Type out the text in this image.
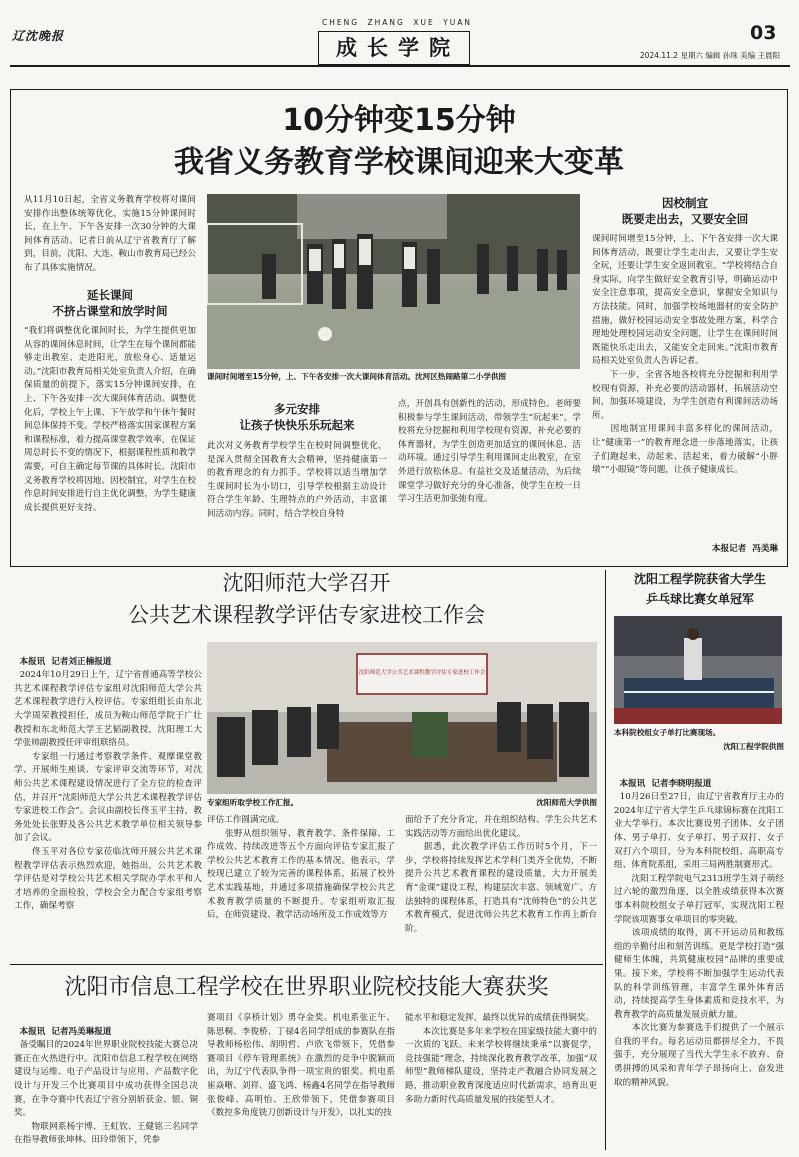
辽沈晚报
CHENG ZHANG XUE YUAN
成长学院
03
2024.11.2 星期六 编辑 孙珠 美编 王晨阳
10分钟变15分钟
我省义务教育学校课间迎来大变革
从11月10日起，全省义务教育学校将对课间安排作出整体统筹优化，实施15分钟课间时长，在上午、下午各安排一次30分钟的大课间体育活动。记者日前从辽宁省教育厅了解到，目前，沈阳、大连、鞍山市教育局已经公布了具体实施情况。
延长课间
不挤占课堂和放学时间
“我们将调整优化课间时长，为学生提供更加从容的课间休息时间，让学生在每个课间都能够走出教室、走进阳光，放松身心、适量运动。”沈阳市教育局相关处室负责人介绍，在确保质量的前提下，落实15分钟课间安排，在上、下午各安排一次大课间体育活动。调整优化后，学校上午上课、下午放学和午休午餐时间总体保持不变。学校严格落实国家课程方案和课程标准，着力提高课堂教学效率，在保证周总时长不变的情况下，根据课程性质和教学需要，可自主确定每节课的具体时长。沈阳市义务教育学校将因地、因校制宜，对学生在校作息时间安排进行自主优化调整，为学生健康成长提供更好支持。
课间时间增至15分钟，上、下午各安排一次大课间体育活动。沈河区热闹路第二小学供图
多元安排
让孩子快快乐乐玩起来
此次对义务教育学校学生在校时间调整优化，是深入贯彻全国教育大会精神，坚持健康第一的教育理念的有力抓手。学校将以适当增加学生课间时长为小切口，引导学校根据主动设计符合学生年龄、生理特点的户外活动，丰富课间活动内容。同时，结合学校自身特
点，开创具有创新性的活动，形成特色。老师要积极参与学生课间活动，带领学生“玩起来”。学校将充分挖掘和利用学校现有资源，补充必要的体育器材，为学生创造更加适宜的课间休息、活动环境。通过引导学生利用课间走出教室，在室外进行放松休息、有益社交及适量活动，为后续课堂学习做好充分的身心准备，使学生在校一日学习生活更加张弛有度。
因校制宜
既要走出去，又要安全回
课间时间增至15分钟，上、下午各安排一次大课间体育活动，既要让学生走出去，又要让学生安全玩，还要让学生安全返回教室。“学校将结合自身实际，向学生做好安全教育引导，明确运动中安全注意事项，提高安全意识，掌握安全知识与方法技能。同时，加强学校场地器材的安全防护措施，做好校园运动安全事故处理方案，科学合理地处理校园运动安全问题，让学生在课间时间既能快乐走出去，又能安全走回来。”沈阳市教育局相关处室负责人告诉记者。
　　下一步，全省各地各校将充分挖掘和利用学校现有资源，补充必要的活动器材，拓展活动空间，加强环境建设，为学生创造有利课间活动场所。
　　因地制宜用课间丰富多样化的课间活动，让“健康第一”的教育理念进一步落地落实，让孩子们跑起来、动起来、活起来，着力破解“小胖墩”“小眼镜”等问题，让孩子健康成长。
本报记者  冯美琳
沈阳师范大学召开
公共艺术课程教学评估专家进校工作会

本报讯  记者刘正楠报道
2024年10月29日上午，辽宁省普通高等学校公共艺术课程教学评估专家组对沈阳师范大学公共艺术课程教学进行入校评估。专家组组长由东北大学周荣教授担任，成员为鞍山师范学院于广壮教授和东北师范大学王艺韬副教授，沈阳理工大学张帅副教授任评审组联络员。
　　专家组一行通过考察教学条件、观摩课堂教学、开展师生座谈、专家评审交流等环节，对沈师公共艺术课程建设情况进行了全方位的检查评估，并召开“沈阳师范大学公共艺术课程教学评估专家进校工作会”。会议由副校长佟玉平主持，教务处处长张野及各公共艺术教学单位相关领导参加了会议。
　　佟玉平对各位专家莅临沈师开展公共艺术课程教学评估表示热烈欢迎，她指出，公共艺术教学评估是对学校公共艺术相关学院办学水平和人才培养的全面检验，学校会全力配合专家组考察工作，确保考察

沈阳师范大学公共艺术课程教学评估专家进校工作会
专家组听取学校工作汇报。	沈阳师范大学供图
评估工作圆满完成。
　　张野从组织领导、教育教学、条件保障、工作成效、持续改进等五个方面向评估专家汇报了学校公共艺术教育工作的基本情况。他表示，学校现已建立了较为完善的课程体系，拓展了校外艺术实践基地，并通过多项措施确保学校公共艺术教育教学质量的不断提升。专家组听取汇报后，在师资建设、教学活动场所及工作成效等方
面给予了充分肯定，并在组织结构、学生公共艺术实践活动等方面给出优化建议。
　　据悉，此次教学评估工作历时5个月，下一步，学校将持续发挥艺术学科门类齐全优势，不断提升公共艺术教育课程的建设质量，大力开展美育“金课”建设工程，构建层次丰富、领域宽广、方法独特的课程体系，打造具有“沈师特色”的公共艺术教育模式，促进沈师公共艺术教育工作再上新台阶。
沈阳工程学院获省大学生
乒乓球比赛女单冠军
本科院校组女子单打比赛现场。
沈阳工程学院供图

本报讯  记者李晓明报道
10月26日至27日，由辽宁省教育厅主办的2024年辽宁省大学生乒乓球锦标赛在沈阳工业大学举行。本次比赛设男子团体、女子团体、男子单打、女子单打、男子双打、女子双打六个项目，分为本科院校组、高职高专组、体育院系组，采用三局两胜制赛形式。
　　沈阳工程学院电气2313班学生刘子萌经过六轮的激烈角逐，以全胜成绩获得本次赛事本科院校组女子单打冠军，实现沈阳工程学院该项赛事女单项目的零突破。
　　该项成绩的取得，离不开运动员和教练组的辛勤付出和刻苦训练。更是学校打造“强健师生体魄，共筑健康校园”品牌的重要成果。接下来，学校将不断加强学生运动代表队的科学训练管理，丰富学生课外体育活动，持续提高学生身体素质和竞技水平，为教育教学的高质量发展贡献力量。
　　本次比赛为参赛选手们提供了一个展示自我的平台。每名运动员都拼尽全力，不畏强手，充分展现了当代大学生永不放弃、奋勇拼搏的风采和青年学子昂扬向上、奋发进取的精神风貌。

沈阳市信息工程学校在世界职业院校技能大赛获奖

本报讯  记者冯美琳报道
备受瞩目的2024年世界职业院校技能大赛总决赛正在火热进行中。沈阳市信息工程学校在网络建设与运维、电子产品设计与应用、产品数字化设计与开发三个比赛项目中成功获得全国总决赛，在争夺赛中代表辽宁省分别斩获金、银、铜奖。
　　物联网系杨宇博、王虹钦、王健铭三名同学在指导教师张坤林、田玲带领下，凭参

赛项目《享桥计划》勇夺金奖。机电系张正午、陈思桐、李俊桥、丁禄4名同学组成的参赛队在指导教师杨松伟、胡明哲、卢欣飞带领下，凭借参赛项目《停车管理系统》在激烈的竞争中脱颖而出，为辽宁代表队争得一项宝贵的银奖。机电系崔焱晰、刘祥、盛飞鸿、杨鑫4名同学在指导教师张俊峰、高明怡、王欣带领下，凭借参赛项目《数控多角度铣刀创新设计与开发》，以扎实的技
能水平和稳定发挥，最终以优异的成绩获得铜奖。
　　本次比赛是多年来学校在国家级技能大赛中的一次质的飞跃。未来学校将继续秉承“以赛促学，竞技强能”理念，持续深化教育教学改革，加强“双师型”教师梯队建设，坚持走产教融合协同发展之路，推动职业教育深度适应时代新需求，培育出更多助力新时代高质量发展的技能型人才。
